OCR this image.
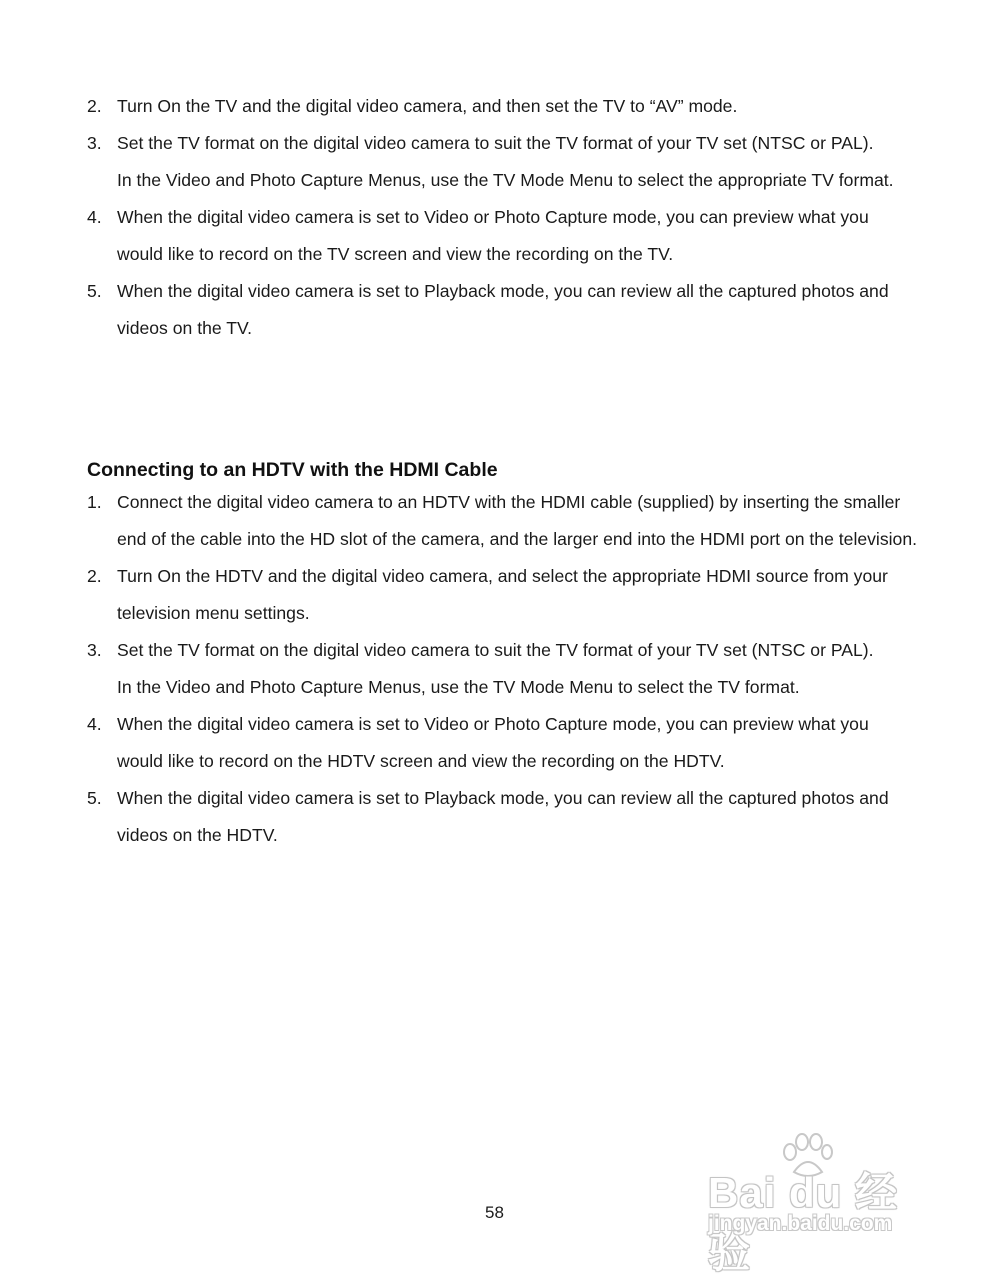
2. Turn On the TV and the digital video camera, and then set the TV to “AV” mode.
3. Set the TV format on the digital video camera to suit the TV format of your TV set (NTSC or PAL).
In the Video and Photo Capture Menus, use the TV Mode Menu to select the appropriate TV format.
4. When the digital video camera is set to Video or Photo Capture mode, you can preview what you would like to record on the TV screen and view the recording on the TV.
5. When the digital video camera is set to Playback mode, you can review all the captured photos and videos on the TV.
Connecting to an HDTV with the HDMI Cable
1. Connect the digital video camera to an HDTV with the HDMI cable (supplied) by inserting the smaller end of the cable into the HD slot of the camera, and the larger end into the HDMI port on the television.
2. Turn On the HDTV and the digital video camera, and select the appropriate HDMI source from your television menu settings.
3. Set the TV format on the digital video camera to suit the TV format of your TV set (NTSC or PAL).
In the Video and Photo Capture Menus, use the TV Mode Menu to select the TV format.
4. When the digital video camera is set to Video or Photo Capture mode, you can preview what you would like to record on the HDTV screen and view the recording on the HDTV.
5. When the digital video camera is set to Playback mode, you can review all the captured photos and videos on the HDTV.
58	Bai du 经验
jingyan.baidu.com
